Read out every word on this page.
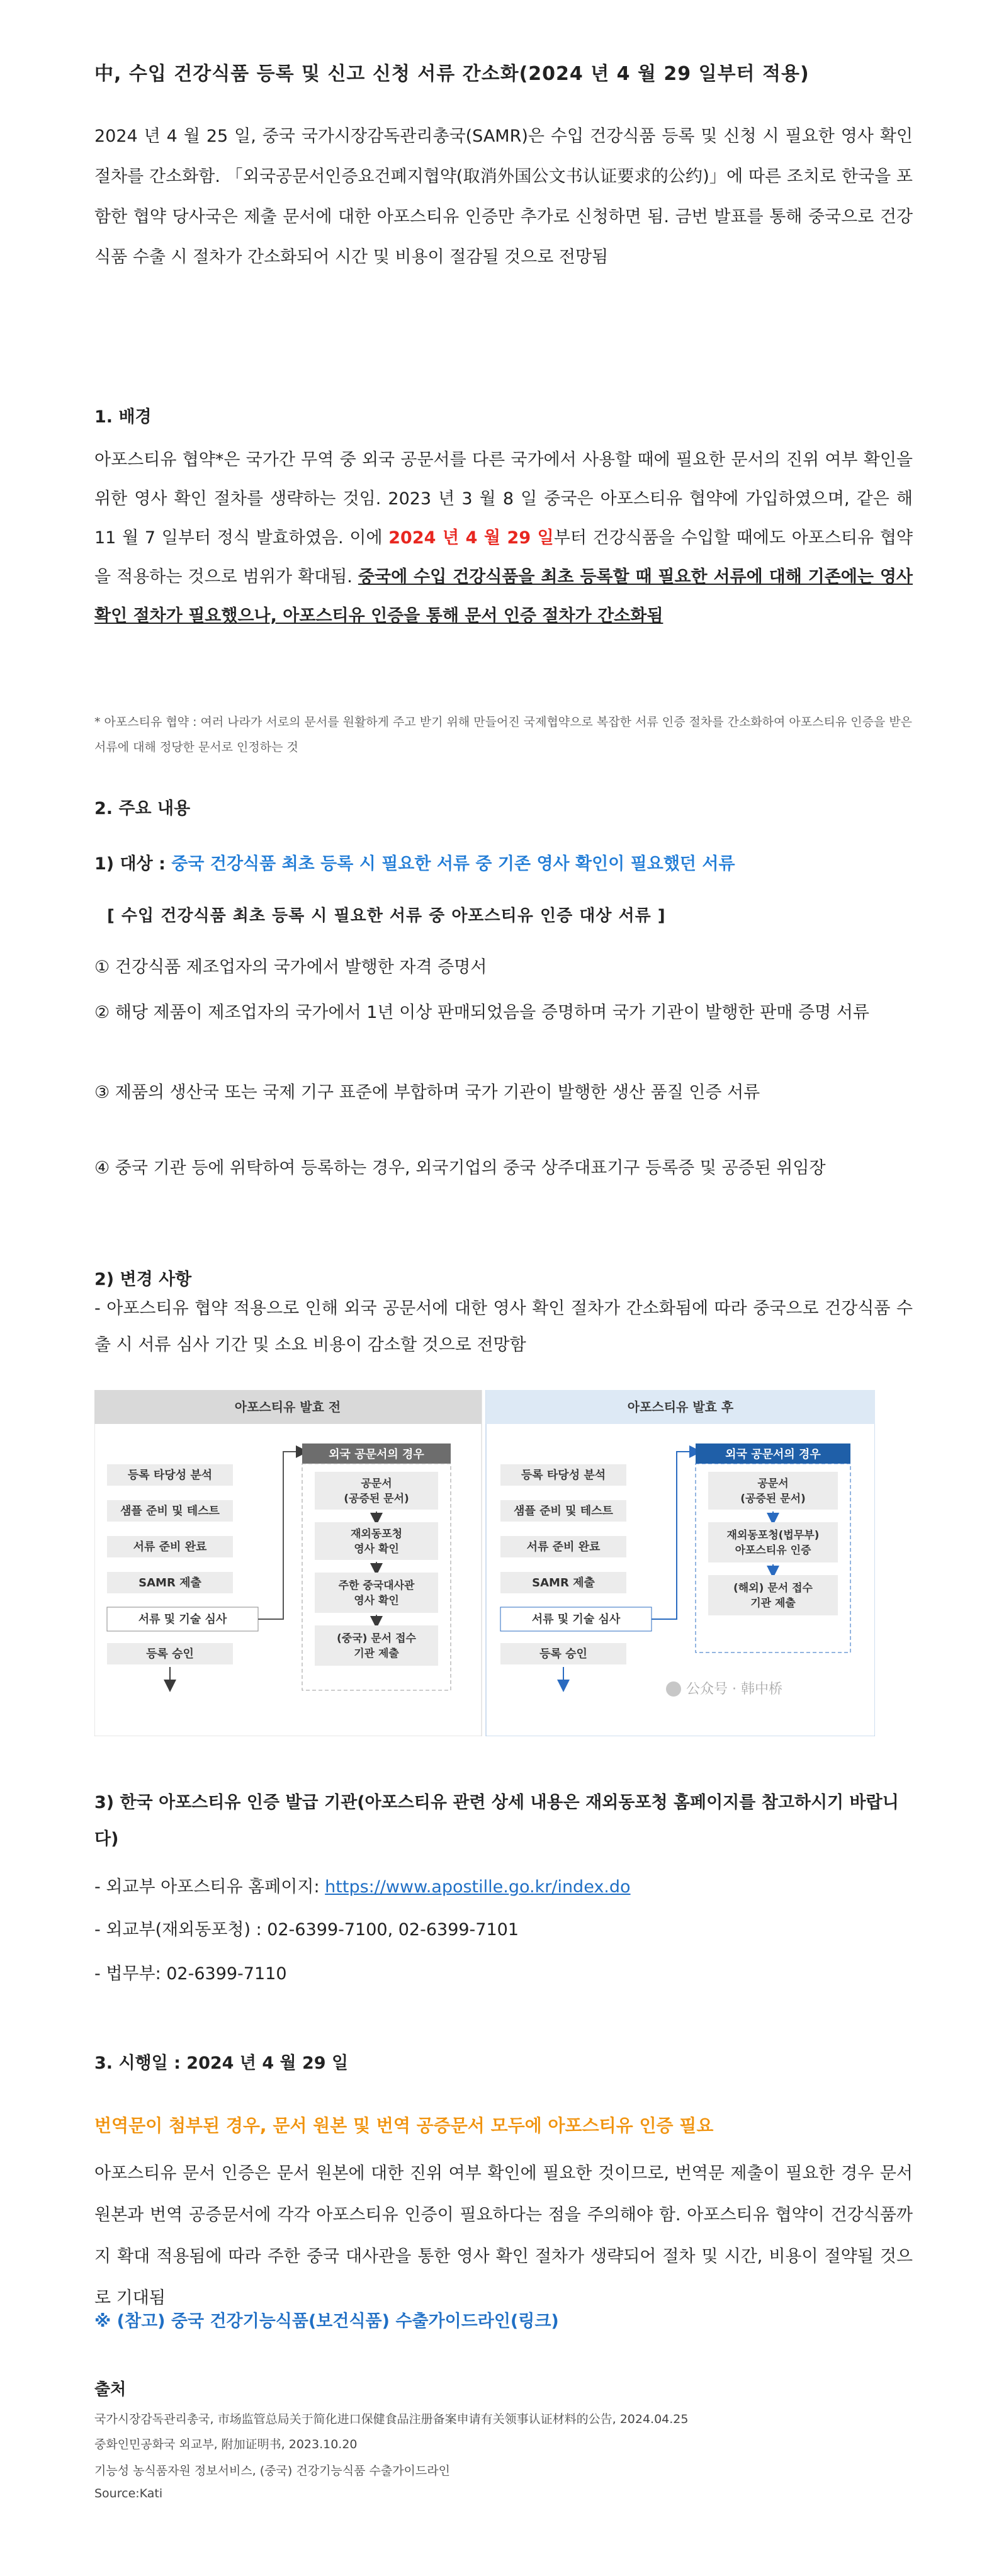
中, 수입 건강식품 등록 및 신고 신청 서류 간소화(2024 년 4 월 29 일부터 적용)

2024 년 4 월 25 일, 중국 국가시장감독관리총국(SAMR)은 수입 건강식품 등록 및 신청 시 필요한 영사 확인 절차를 간소화함. 「외국공문서인증요건폐지협약(取消外国公文书认证要求的公约)」에 따른 조치로 한국을 포함한 협약 당사국은 제출 문서에 대한 아포스티유 인증만 추가로 신청하면 됨. 금번 발표를 통해 중국으로 건강식품 수출 시 절차가 간소화되어 시간 및 비용이 절감될 것으로 전망됨

1. 배경

아포스티유 협약*은 국가간 무역 중 외국 공문서를 다른 국가에서 사용할 때에 필요한 문서의 진위 여부 확인을 위한 영사 확인 절차를 생략하는 것임. 2023 년 3 월 8 일 중국은 아포스티유 협약에 가입하였으며, 같은 해 11 월 7 일부터 정식 발효하였음. 이에 2024 년 4 월 29 일부터 건강식품을 수입할 때에도 아포스티유 협약을 적용하는 것으로 범위가 확대됨. 중국에 수입 건강식품을 최초 등록할 때 필요한 서류에 대해 기존에는 영사 확인 절차가 필요했으나, 아포스티유 인증을 통해 문서 인증 절차가 간소화됨

* 아포스티유 협약 : 여러 나라가 서로의 문서를 원활하게 주고 받기 위해 만들어진 국제협약으로 복잡한 서류 인증 절차를 간소화하여 아포스티유 인증을 받은 서류에 대해 정당한 문서로 인정하는 것

2. 주요 내용
1) 대상 : 중국 건강식품 최초 등록 시 필요한 서류 중 기존 영사 확인이 필요했던 서류
[ 수입 건강식품 최초 등록 시 필요한 서류 중 아포스티유 인증 대상 서류 ]
① 건강식품 제조업자의 국가에서 발행한 자격 증명서
② 해당 제품이 제조업자의 국가에서 1년 이상 판매되었음을 증명하며 국가 기관이 발행한 판매 증명 서류
③ 제품의 생산국 또는 국제 기구 표준에 부합하며 국가 기관이 발행한 생산 품질 인증 서류
④ 중국 기관 등에 위탁하여 등록하는 경우, 외국기업의 중국 상주대표기구 등록증 및 공증된 위임장
2) 변경 사항

- 아포스티유 협약 적용으로 인해 외국 공문서에 대한 영사 확인 절차가 간소화됨에 따라 중국으로 건강식품 수출 시 서류 심사 기간 및 소요 비용이 감소할 것으로 전망함

3) 한국 아포스티유 인증 발급 기관(아포스티유 관련 상세 내용은 재외동포청 홈페이지를 참고하시기 바랍니다)
- 외교부 아포스티유 홈페이지: https://www.apostille.go.kr/index.do
- 외교부(재외동포청) : 02-6399-7100, 02-6399-7101
- 법무부: 02-6399-7110
3. 시행일 : 2024 년 4 월 29 일
번역문이 첨부된 경우, 문서 원본 및 번역 공증문서 모두에 아포스티유 인증 필요

아포스티유 문서 인증은 문서 원본에 대한 진위 여부 확인에 필요한 것이므로, 번역문 제출이 필요한 경우 문서 원본과 번역 공증문서에 각각 아포스티유 인증이 필요하다는 점을 주의해야 함. 아포스티유 협약이 건강식품까지 확대 적용됨에 따라 주한 중국 대사관을 통한 영사 확인 절차가 생략되어 절차 및 시간, 비용이 절약될 것으로 기대됨

※ (참고) 중국 건강기능식품(보건식품) 수출가이드라인(링크)
출처
국가시장감독관리총국, 市场监管总局关于简化进口保健食品注册备案申请有关领事认证材料的公告, 2024.04.25
중화인민공화국 외교부, 附加证明书, 2023.10.20
기능성 농식품자원 정보서비스, (중국) 건강기능식품 수출가이드라인
Source:Kati
아포스티유 발효 전	아포스티유 발효 후
등록 타당성 분석
샘플 준비 및 테스트
서류 준비 완료
SAMR 제출
서류 및 기술 심사
등록 승인
외국 공문서의 경우
공문서
(공증된 문서)
재외동포청
영사 확인
주한 중국대사관
영사 확인
(중국) 문서 접수
기관 제출
등록 타당성 분석
샘플 준비 및 테스트
서류 준비 완료
SAMR 제출
서류 및 기술 심사
등록 승인
외국 공문서의 경우
공문서
(공증된 문서)
재외동포청(법무부)
아포스티유 인증
(해외) 문서 접수
기관 제출
公众号 · 韩中桥
